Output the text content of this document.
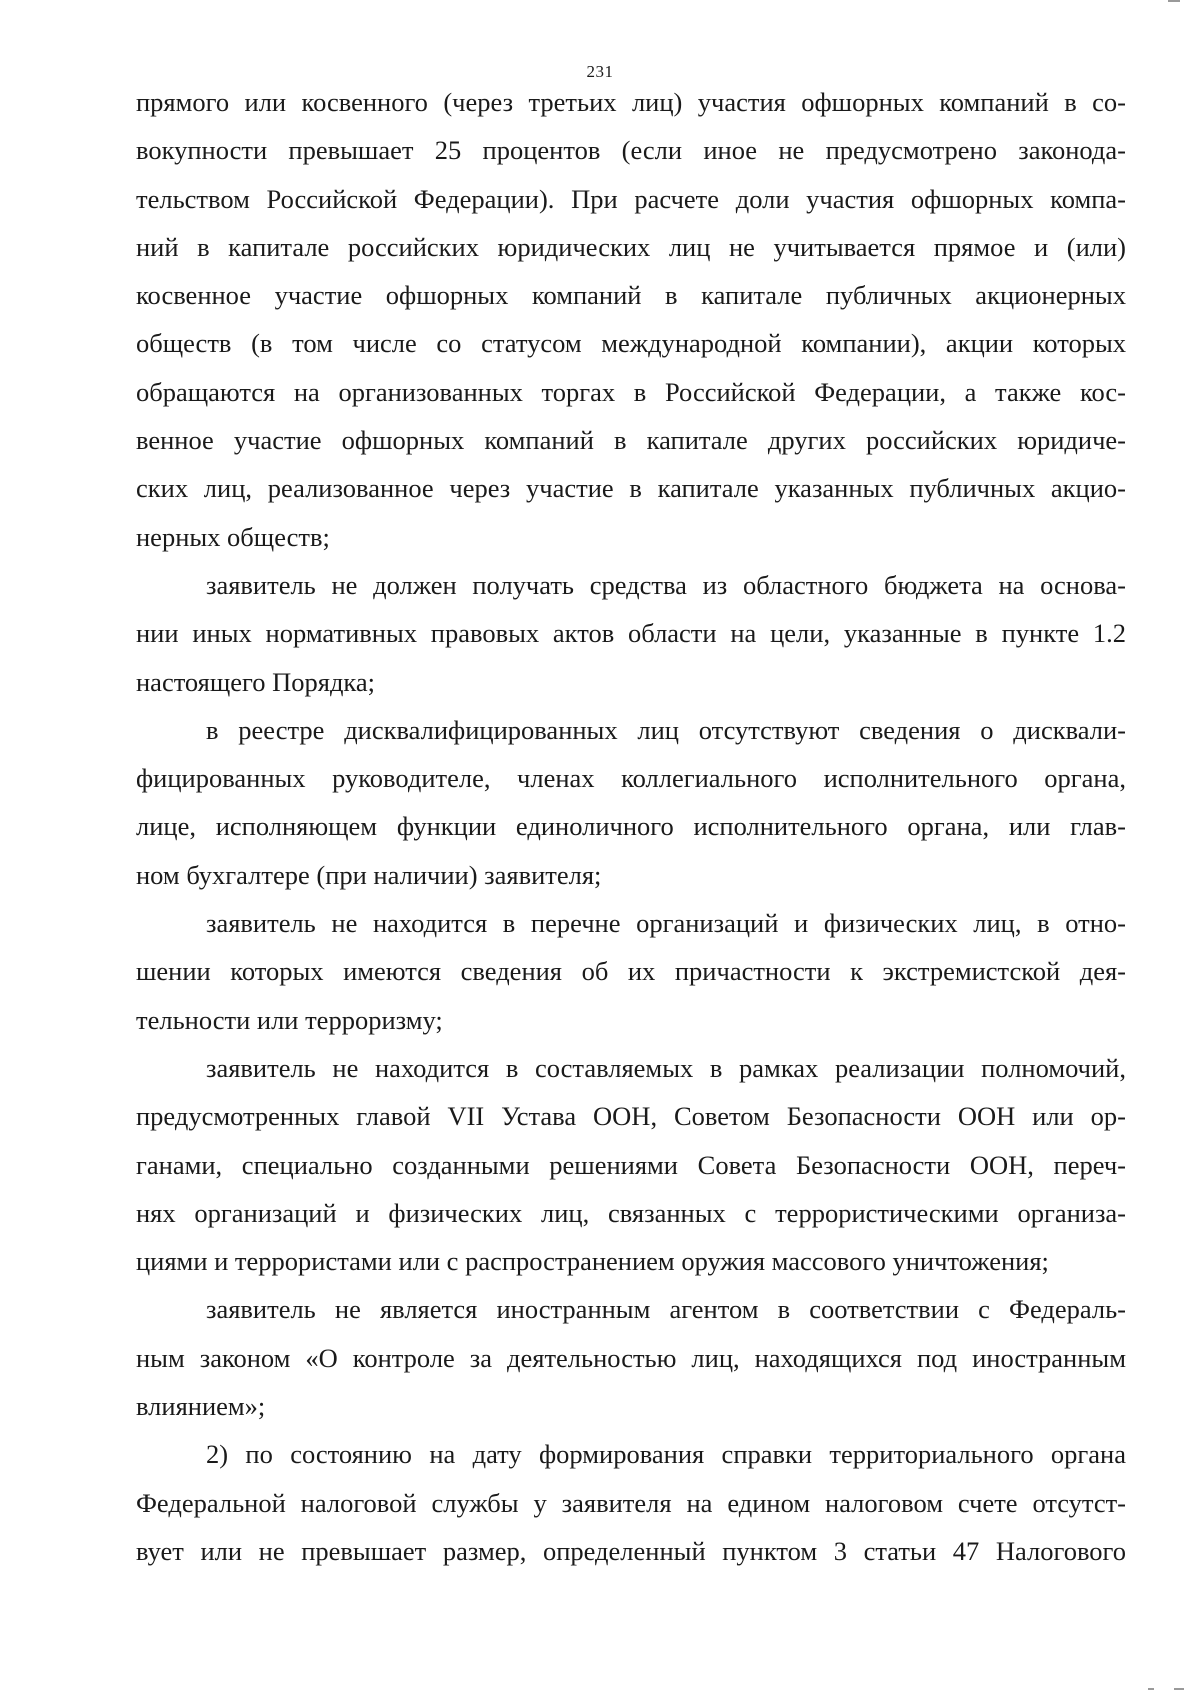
231

прямого или косвенного (через третьих лиц) участия офшорных компаний в со-
вокупности превышает 25 процентов (если иное не предусмотрено законода-
тельством Российской Федерации). При расчете доли участия офшорных компа-
ний в капитале российских юридических лиц не учитывается прямое и (или)
косвенное участие офшорных компаний в капитале публичных акционерных
обществ (в том числе со статусом международной компании), акции которых
обращаются на организованных торгах в Российской Федерации, а также кос-
венное участие офшорных компаний в капитале других российских юридиче-
ских лиц, реализованное через участие в капитале указанных публичных акцио-
нерных обществ;

заявитель не должен получать средства из областного бюджета на основа-
нии иных нормативных правовых актов области на цели, указанные в пункте 1.2
настоящего Порядка;

в реестре дисквалифицированных лиц отсутствуют сведения о дисквали-
фицированных руководителе, членах коллегиального исполнительного органа,
лице, исполняющем функции единоличного исполнительного органа, или глав-
ном бухгалтере (при наличии) заявителя;

заявитель не находится в перечне организаций и физических лиц, в отно-
шении которых имеются сведения об их причастности к экстремистской дея-
тельности или терроризму;

заявитель не находится в составляемых в рамках реализации полномочий,
предусмотренных главой VII Устава ООН, Советом Безопасности ООН или ор-
ганами, специально созданными решениями Совета Безопасности ООН, переч-
нях организаций и физических лиц, связанных с террористическими организа-
циями и террористами или с распространением оружия массового уничтожения;

заявитель не является иностранным агентом в соответствии с Федераль-
ным законом «О контроле за деятельностью лиц, находящихся под иностранным
влиянием»;

2) по состоянию на дату формирования справки территориального органа
Федеральной налоговой службы у заявителя на едином налоговом счете отсутст-
вует или не превышает размер, определенный пунктом 3 статьи 47 Налогового
